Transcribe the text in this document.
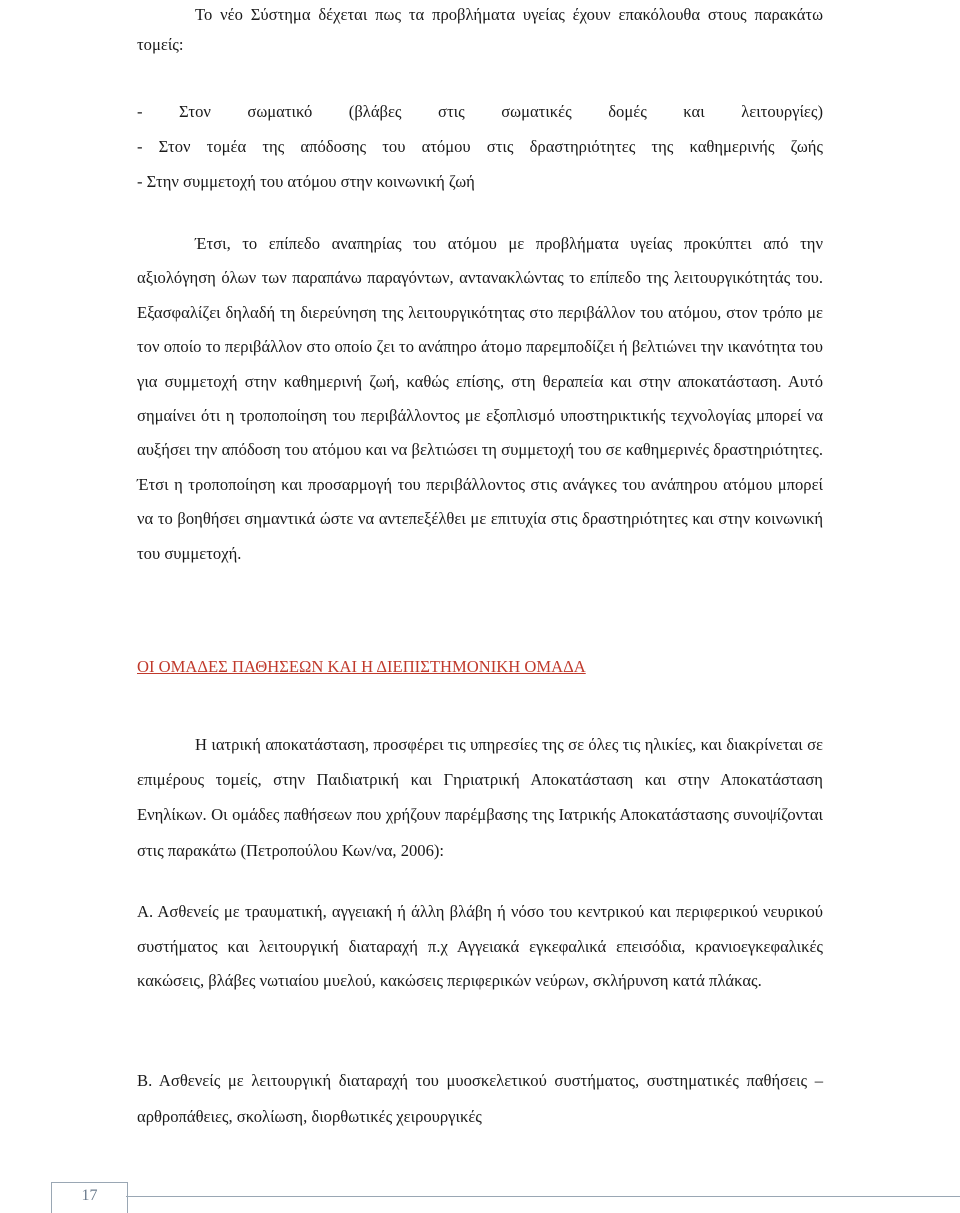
Το νέο Σύστημα δέχεται πως τα προβλήματα υγείας έχουν επακόλουθα στους παρακάτω τομείς:

- Στον σωματικό (βλάβες στις σωματικές δομές και λειτουργίες)
- Στον τομέα της απόδοσης του ατόμου στις δραστηριότητες της καθημερινής ζωής
- Στην συμμετοχή του ατόμου στην κοινωνική ζωή

Έτσι, το επίπεδο αναπηρίας του ατόμου με προβλήματα υγείας προκύπτει από την αξιολόγηση όλων των παραπάνω παραγόντων, αντανακλώντας το επίπεδο της λειτουργικότητάς του. Εξασφαλίζει δηλαδή τη διερεύνηση της λειτουργικότητας στο περιβάλλον του ατόμου, στον τρόπο με τον οποίο το περιβάλλον στο οποίο ζει το ανάπηρο άτομο παρεμποδίζει ή βελτιώνει την ικανότητα του για συμμετοχή στην καθημερινή ζωή, καθώς επίσης, στη θεραπεία και στην αποκατάσταση. Αυτό σημαίνει ότι η τροποποίηση του περιβάλλοντος με εξοπλισμό υποστηρικτικής τεχνολογίας μπορεί να αυξήσει την απόδοση του ατόμου και να βελτιώσει τη συμμετοχή του σε καθημερινές δραστηριότητες. Έτσι η τροποποίηση και προσαρμογή του περιβάλλοντος στις ανάγκες του ανάπηρου ατόμου μπορεί να το βοηθήσει σημαντικά ώστε να αντεπεξέλθει με επιτυχία στις δραστηριότητες και στην κοινωνική του συμμετοχή.

ΟΙ ΟΜΑΔΕΣ ΠΑΘΗΣΕΩΝ ΚΑΙ Η ΔΙΕΠΙΣΤΗΜΟΝΙΚΗ ΟΜΑΔΑ

Η ιατρική αποκατάσταση, προσφέρει τις υπηρεσίες της σε όλες τις ηλικίες, και διακρίνεται σε επιμέρους τομείς, στην Παιδιατρική και Γηριατρική Αποκατάσταση και στην Αποκατάσταση Ενηλίκων. Οι ομάδες παθήσεων που χρήζουν παρέμβασης της Ιατρικής Αποκατάστασης συνοψίζονται στις παρακάτω (Πετροπούλου Κων/να, 2006):

Α. Ασθενείς με τραυματική, αγγειακή ή άλλη βλάβη ή νόσο του κεντρικού και περιφερικού νευρικού συστήματος και λειτουργική διαταραχή π.χ Αγγειακά εγκεφαλικά επεισόδια, κρανιοεγκεφαλικές κακώσεις, βλάβες νωτιαίου μυελού, κακώσεις περιφερικών νεύρων, σκλήρυνση κατά πλάκας.

Β. Ασθενείς με λειτουργική διαταραχή του μυοσκελετικού συστήματος, συστηματικές παθήσεις – αρθροπάθειες, σκολίωση, διορθωτικές χειρουργικές

17
